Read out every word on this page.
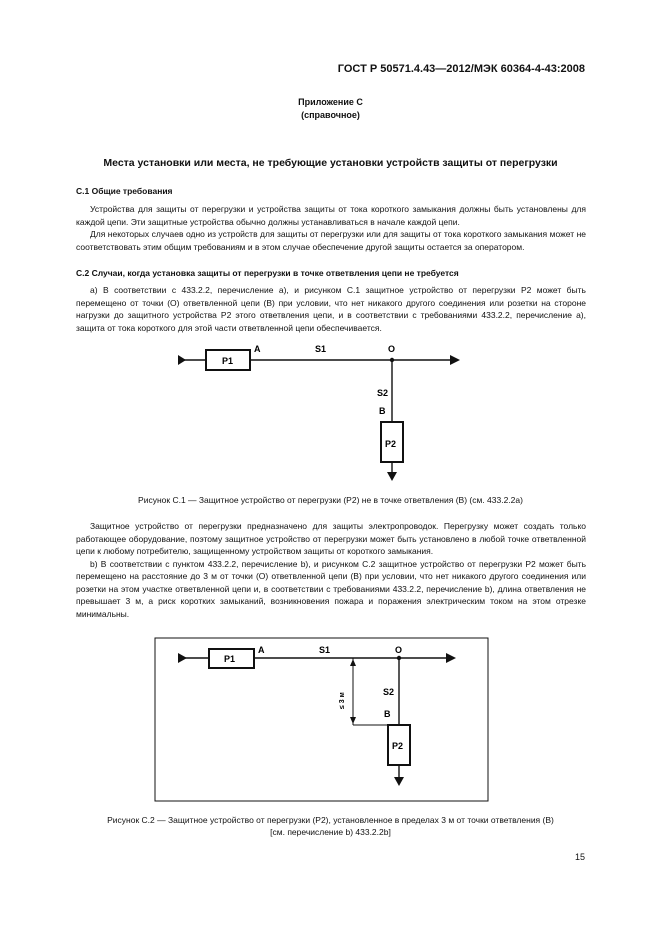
ГОСТ Р 50571.4.43—2012/МЭК 60364-4-43:2008
Приложение C
(справочное)
Места установки или места, не требующие установки устройств защиты от перегрузки
C.1 Общие требования

Устройства для защиты от перегрузки и устройства защиты от тока короткого замыкания должны быть установлены для каждой цепи. Эти защитные устройства обычно должны устанавливаться в начале каждой цепи.

Для некоторых случаев одно из устройств для защиты от перегрузки или для защиты от тока короткого замыкания может не соответствовать этим общим требованиям и в этом случае обеспечение другой защиты остается за оператором.

C.2 Случаи, когда установка защиты от перегрузки в точке ответвления цепи не требуется

а) В соответствии с 433.2.2, перечисление а), и рисунком C.1 защитное устройство от перегрузки P2 может быть перемещено от точки (O) ответвленной цепи (B) при условии, что нет никакого другого соединения или розетки на стороне нагрузки до защитного устройства P2 этого ответвления цепи, и в соответствии с требованиями 433.2.2, перечисление а), защита от тока короткого для этой части ответвленной цепи обеспечивается.

P1
A	S1	O
S2
B
P2
Рисунок C.1 — Защитное устройство от перегрузки (P2) не в точке ответвления (B) (см. 433.2.2а)

Защитное устройство от перегрузки предназначено для защиты электропроводок. Перегрузку может создать только работающее оборудование, поэтому защитное устройство от перегрузки может быть установлено в любой точке ответвленной цепи к любому потребителю, защищенному устройством защиты от короткого замыкания.

b) В соответствии с пунктом 433.2.2, перечисление b), и рисунком C.2 защитное устройство от перегрузки P2 может быть перемещено на расстояние до 3 м от точки (O) ответвленной цепи (B) при условии, что нет никакого другого соединения или розетки на этом участке ответвленной цепи и, в соответствии с требованиями 433.2.2, перечисление b), длина ответвления не превышает 3 м, а риск коротких замыканий, возникновения пожара и поражения электрическим током на этом отрезке минимальны.

P1
A	S1	O
S2
B
P2
≤ 3 м
Рисунок C.2 — Защитное устройство от перегрузки (P2), установленное в пределах 3 м от точки ответвления (B)
[см. перечисление b) 433.2.2b]
15
